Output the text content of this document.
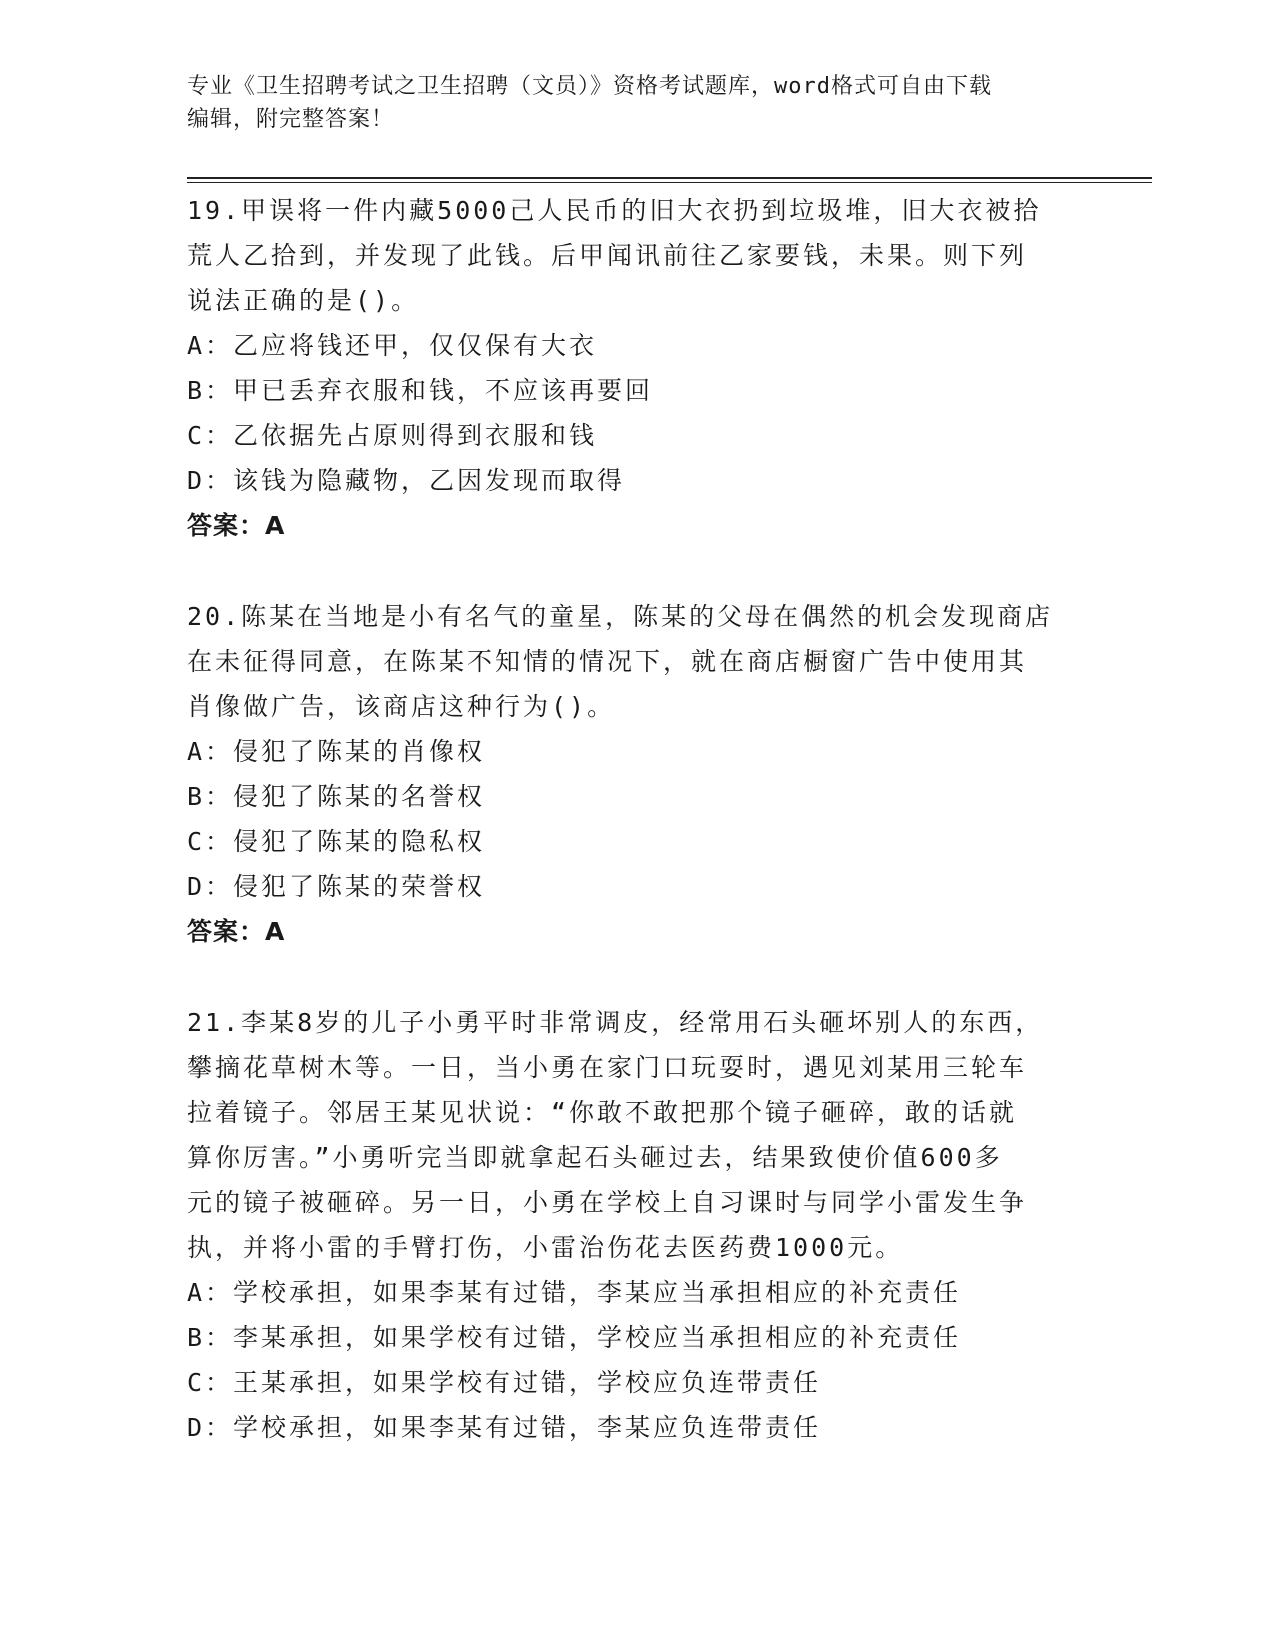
专业《卫生招聘考试之卫生招聘（文员）》资格考试题库，word格式可自由下载
编辑，附完整答案！

19.甲误将一件内藏5000己人民币的旧大衣扔到垃圾堆，旧大衣被拾

荒人乙拾到，并发现了此钱。后甲闻讯前往乙家要钱，未果。则下列

说法正确的是()。

A：乙应将钱还甲，仅仅保有大衣

B：甲已丢弃衣服和钱，不应该再要回

C：乙依据先占原则得到衣服和钱

D：该钱为隐藏物，乙因发现而取得

答案：A

20.陈某在当地是小有名气的童星，陈某的父母在偶然的机会发现商店

在未征得同意，在陈某不知情的情况下，就在商店橱窗广告中使用其

肖像做广告，该商店这种行为()。

A：侵犯了陈某的肖像权

B：侵犯了陈某的名誉权

C：侵犯了陈某的隐私权

D：侵犯了陈某的荣誉权

答案：A

21.李某8岁的儿子小勇平时非常调皮，经常用石头砸坏别人的东西，

攀摘花草树木等。一日，当小勇在家门口玩耍时，遇见刘某用三轮车

拉着镜子。邻居王某见状说：“你敢不敢把那个镜子砸碎，敢的话就

算你厉害。”小勇听完当即就拿起石头砸过去，结果致使价值600多

元的镜子被砸碎。另一日，小勇在学校上自习课时与同学小雷发生争

执，并将小雷的手臂打伤，小雷治伤花去医药费1000元。

A：学校承担，如果李某有过错，李某应当承担相应的补充责任

B：李某承担，如果学校有过错，学校应当承担相应的补充责任

C：王某承担，如果学校有过错，学校应负连带责任

D：学校承担，如果李某有过错，李某应负连带责任
